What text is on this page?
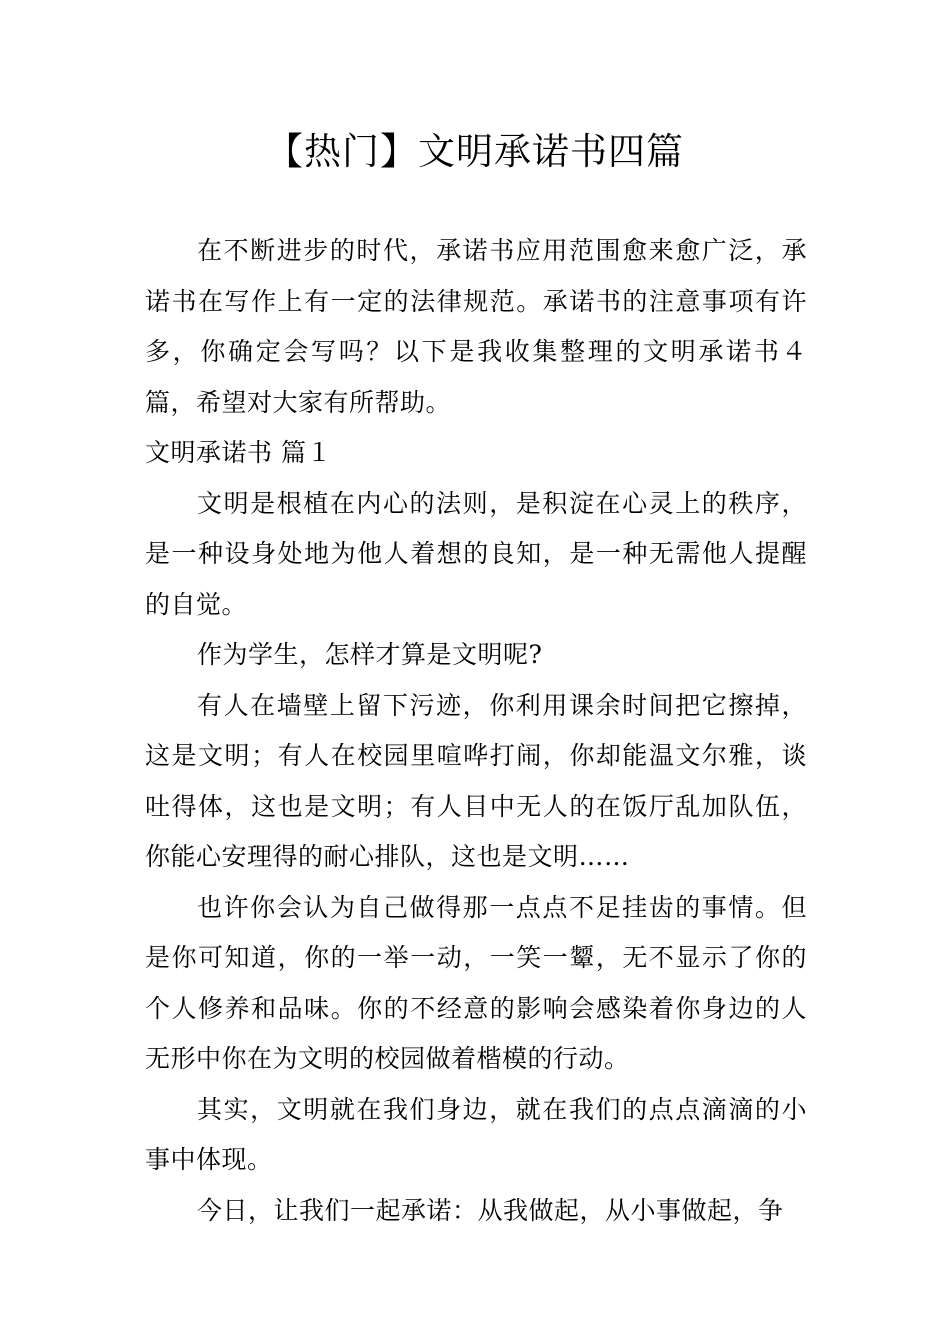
【热门】文明承诺书四篇

在不断进步的时代，承诺书应用范围愈来愈广泛，承诺书在写作上有一定的法律规范。承诺书的注意事项有许多，你确定会写吗？以下是我收集整理的文明承诺书４篇，希望对大家有所帮助。

文明承诺书 篇１

文明是根植在内心的法则，是积淀在心灵上的秩序，是一种设身处地为他人着想的良知，是一种无需他人提醒的自觉。

作为学生，怎样才算是文明呢?

有人在墙壁上留下污迹，你利用课余时间把它擦掉，这是文明；有人在校园里喧哗打闹，你却能温文尔雅，谈吐得体，这也是文明；有人目中无人的在饭厅乱加队伍，你能心安理得的耐心排队，这也是文明……

也许你会认为自己做得那一点点不足挂齿的事情。但是你可知道，你的一举一动，一笑一颦，无不显示了你的个人修养和品味。你的不经意的影响会感染着你身边的人无形中你在为文明的校园做着楷模的行动。

其实，文明就在我们身边，就在我们的点点滴滴的小事中体现。

今日，让我们一起承诺：从我做起，从小事做起，争
